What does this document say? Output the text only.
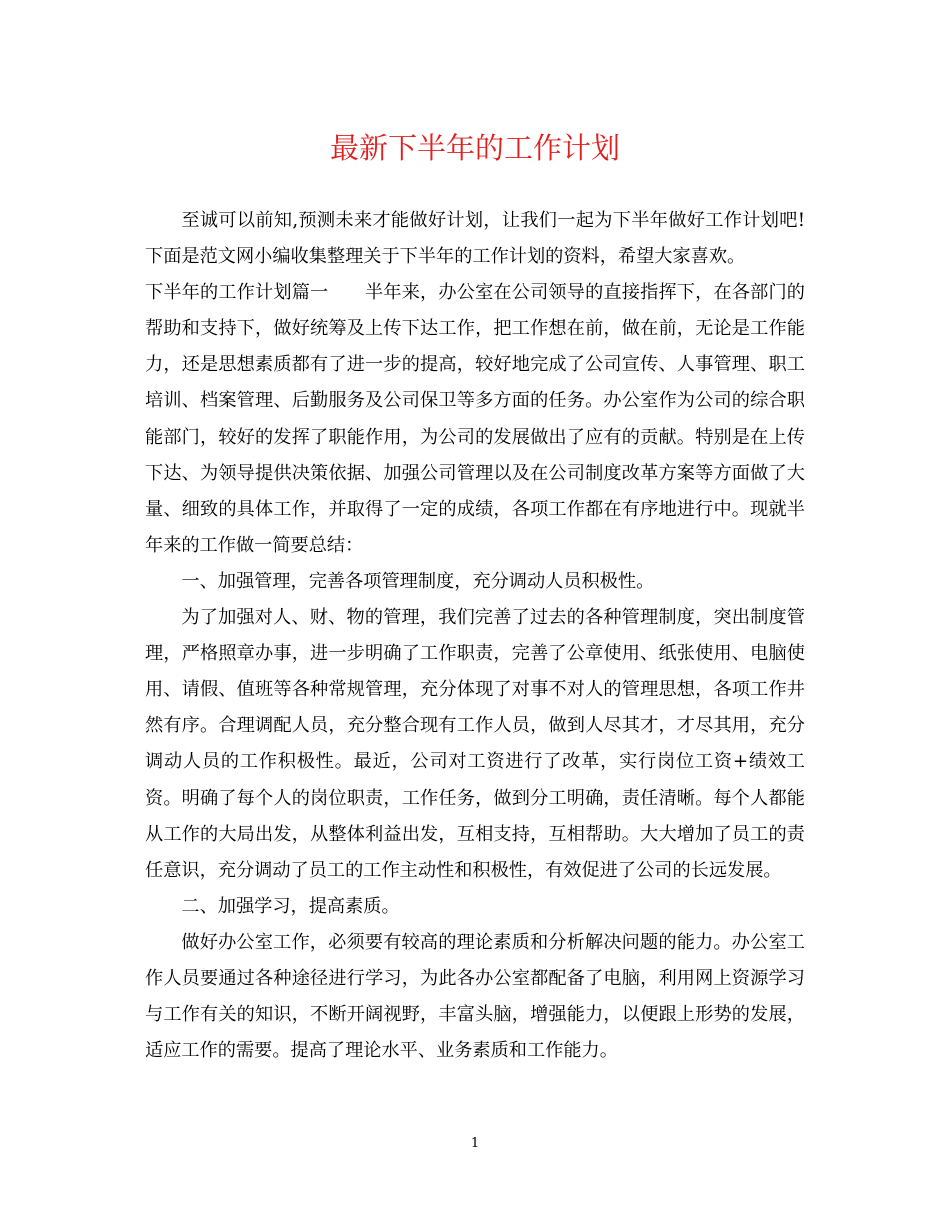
最新下半年的工作计划

至诚可以前知,预测未来才能做好计划，让我们一起为下半年做好工作计划吧!下面是范文网小编收集整理关于下半年的工作计划的资料，希望大家喜欢。

下半年的工作计划篇一　　半年来，办公室在公司领导的直接指挥下，在各部门的帮助和支持下，做好统筹及上传下达工作，把工作想在前，做在前，无论是工作能力，还是思想素质都有了进一步的提高，较好地完成了公司宣传、人事管理、职工培训、档案管理、后勤服务及公司保卫等多方面的任务。办公室作为公司的综合职能部门，较好的发挥了职能作用，为公司的发展做出了应有的贡献。特别是在上传下达、为领导提供决策依据、加强公司管理以及在公司制度改革方案等方面做了大量、细致的具体工作，并取得了一定的成绩，各项工作都在有序地进行中。现就半年来的工作做一简要总结：

一、加强管理，完善各项管理制度，充分调动人员积极性。

为了加强对人、财、物的管理，我们完善了过去的各种管理制度，突出制度管理，严格照章办事，进一步明确了工作职责，完善了公章使用、纸张使用、电脑使用、请假、值班等各种常规管理，充分体现了对事不对人的管理思想，各项工作井然有序。合理调配人员，充分整合现有工作人员，做到人尽其才，才尽其用，充分调动人员的工作积极性。最近，公司对工资进行了改革，实行岗位工资+绩效工资。明确了每个人的岗位职责，工作任务，做到分工明确，责任清晰。每个人都能从工作的大局出发，从整体利益出发，互相支持，互相帮助。大大增加了员工的责任意识，充分调动了员工的工作主动性和积极性，有效促进了公司的长远发展。

二、加强学习，提高素质。

做好办公室工作，必须要有较高的理论素质和分析解决问题的能力。办公室工作人员要通过各种途径进行学习，为此各办公室都配备了电脑，利用网上资源学习与工作有关的知识，不断开阔视野，丰富头脑，增强能力，以便跟上形势的发展，适应工作的需要。提高了理论水平、业务素质和工作能力。

1
